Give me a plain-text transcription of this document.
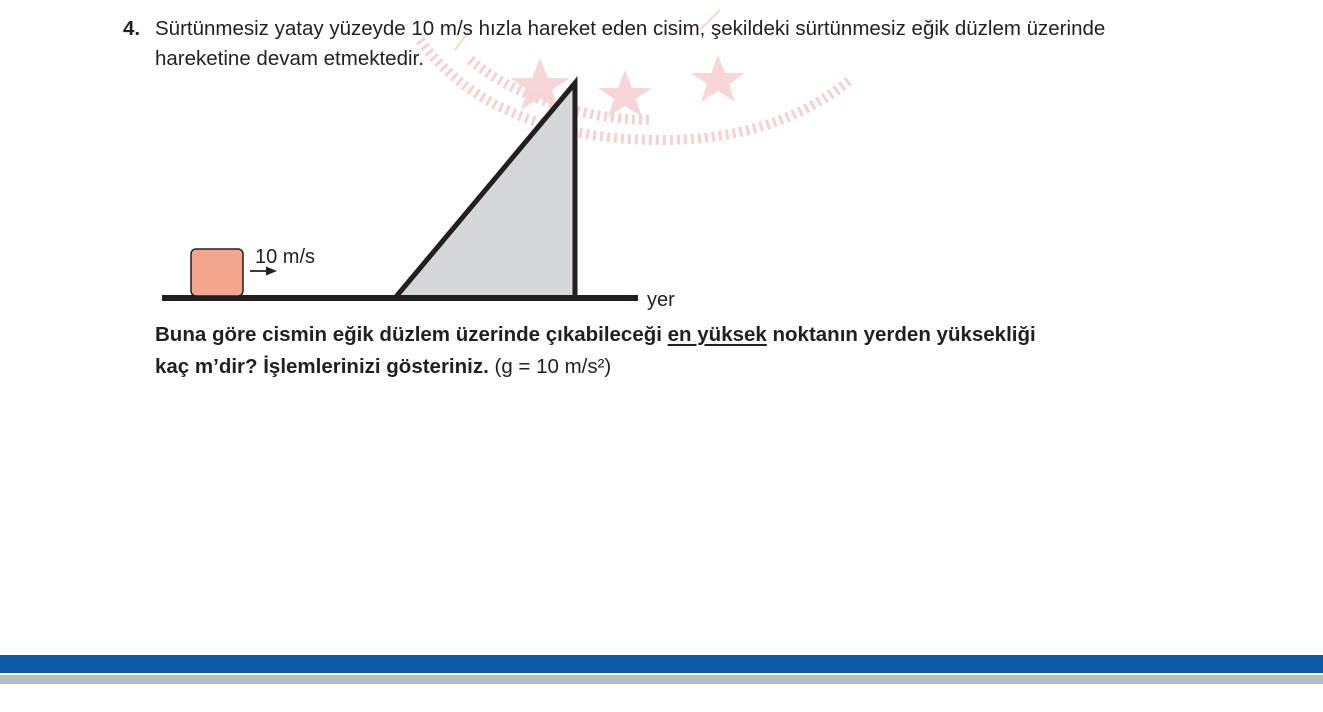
4. Sürtünmesiz yatay yüzeyde 10 m/s hızla hareket eden cisim, şekildeki sürtünmesiz eğik düzlem üzerinde
hareketine devam etmektedir.
10 m/s
yer
Buna göre cismin eğik düzlem üzerinde çıkabileceği en yüksek noktanın yerden yüksekliği
kaç m’dir? İşlemlerinizi gösteriniz. (g = 10 m/s²)
